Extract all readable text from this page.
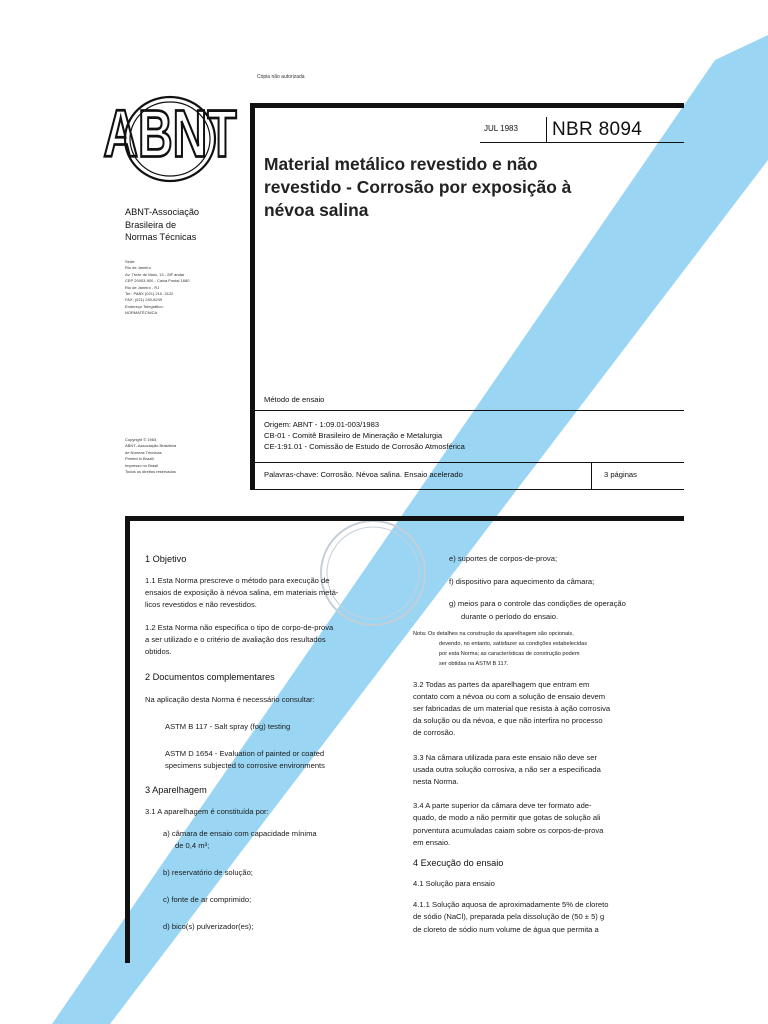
Cópia não autorizada
ABNT
ABNT-Associação
Brasileira de
Normas Técnicas
Sede:
Rio de Janeiro
Av. Treze de Maio, 13 - 28º andar
CEP 20003-900 - Caixa Postal 1680
Rio de Janeiro - RJ
Tel.: PABX (021) 210 -3122
FAX: (021) 240-8249
Endereço Telegráfico:
NORMATÉCNICA
Copyright © 1983,
ABNT–Associação Brasileira
de Normas Técnicas
Printed in Brazil/
Impresso no Brasil
Todos os direitos reservados
JUL 1983 NBR 8094
Material metálico revestido e não
revestido - Corrosão por exposição à
névoa salina
Método de ensaio
Origem: ABNT - 1:09.01-003/1983
CB-01 - Comitê Brasileiro de Mineração e Metalurgia
CE-1:91.01 - Comissão de Estudo de Corrosão Atmosférica
Palavras-chave: Corrosão. Névoa salina. Ensaio acelerado	3 páginas
1 Objetivo
1.1 Esta Norma prescreve o método para execução de
ensaios de exposição à névoa salina, em materiais metá-
licos revestidos e não revestidos.
1.2 Esta Norma não especifica o tipo de corpo-de-prova
a ser utilizado e o critério de avaliação dos resultados
obtidos.
2 Documentos complementares
Na aplicação desta Norma é necessário consultar:
ASTM B 117 - Salt spray (fog) testing
ASTM D 1654 - Evaluation of painted or coated
specimens subjected to corrosive environments
3 Aparelhagem
3.1 A aparelhagem é constituída por:
a) câmara de ensaio com capacidade mínima
de 0,4 m³;
b) reservatório de solução;
c) fonte de ar comprimido;
d) bico(s) pulverizador(es);
e) suportes de corpos-de-prova;
f) dispositivo para aquecimento da câmara;
g) meios para o controle das condições de operação
durante o período do ensaio.
Nota: Os detalhes na construção da aparelhagem são opcionais,
devendo, no entanto, satisfazer as condições estabelecidas
por esta Norma; as características de construção podem
ser obtidas na ASTM B 117.
3.2 Todas as partes da aparelhagem que entram em
contato com a névoa ou com a solução de ensaio devem
ser fabricadas de um material que resista à ação corrosiva
da solução ou da névoa, e que não interfira no processo
de corrosão.
3.3 Na câmara utilizada para este ensaio não deve ser
usada outra solução corrosiva, a não ser a especificada
nesta Norma.
3.4 A parte superior da câmara deve ter formato ade-
quado, de modo a não permitir que gotas de solução ali
porventura acumuladas caiam sobre os corpos-de-prova
em ensaio.
4 Execução do ensaio
4.1 Solução para ensaio
4.1.1 Solução aquosa de aproximadamente 5% de cloreto
de sódio (NaCl), preparada pela dissolução de (50 ± 5) g
de cloreto de sódio num volume de água que permita a
